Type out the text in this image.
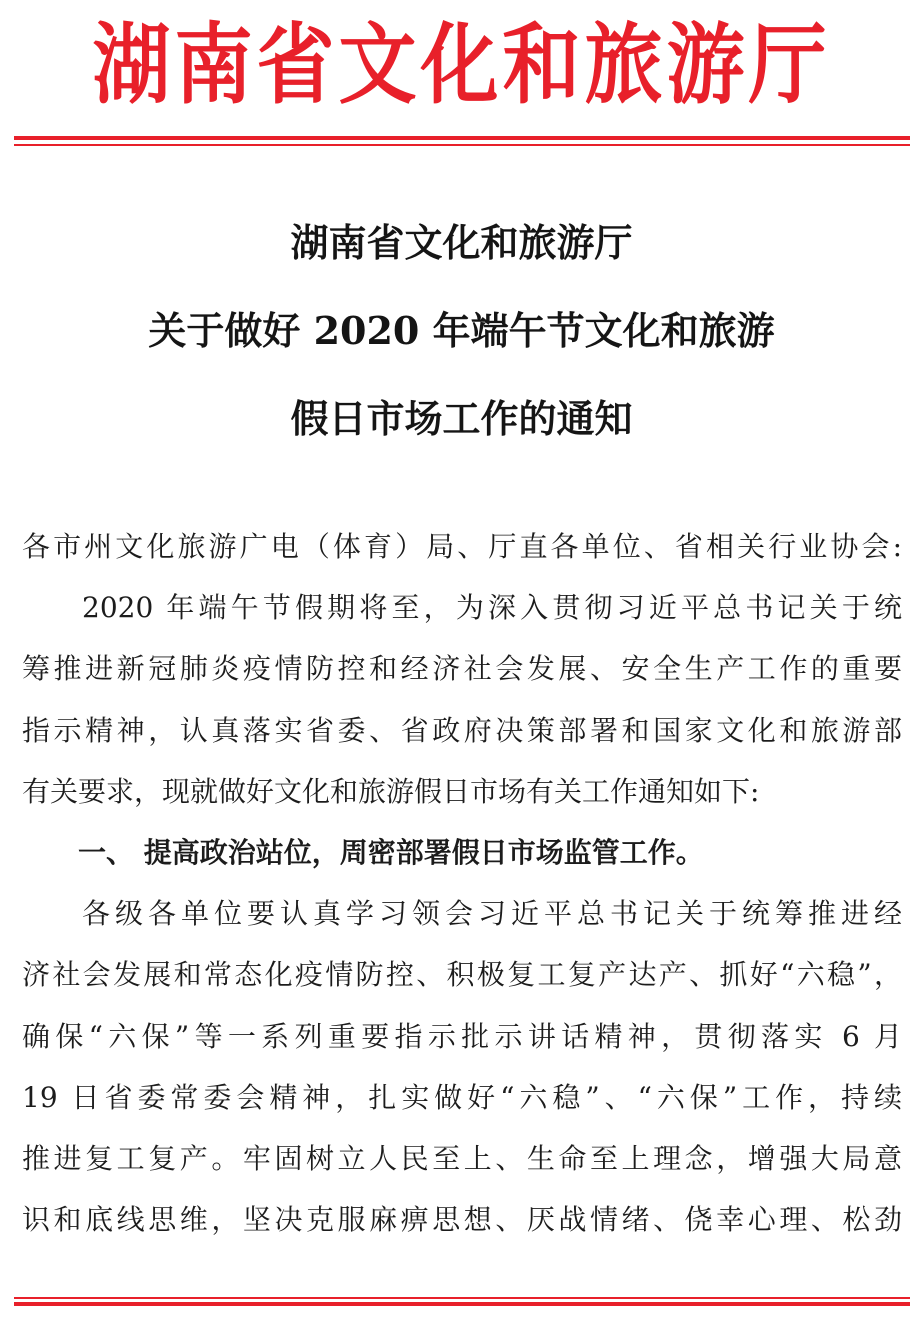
湖南省文化和旅游厅
湖南省文化和旅游厅
关于做好 2020 年端午节文化和旅游
假日市场工作的通知
各市州文化旅游广电（体育）局、厅直各单位、省相关行业协会:
2020 年端午节假期将至，为深入贯彻习近平总书记关于统
筹推进新冠肺炎疫情防控和经济社会发展、安全生产工作的重要
指示精神，认真落实省委、省政府决策部署和国家文化和旅游部
有关要求，现就做好文化和旅游假日市场有关工作通知如下:
一、 提高政治站位，周密部署假日市场监管工作。
各级各单位要认真学习领会习近平总书记关于统筹推进经
济社会发展和常态化疫情防控、积极复工复产达产、抓好“六稳”，
确保“六保”等一系列重要指示批示讲话精神，贯彻落实 6 月
19 日省委常委会精神，扎实做好“六稳”、“六保”工作，持续
推进复工复产。牢固树立人民至上、生命至上理念，增强大局意
识和底线思维，坚决克服麻痹思想、厌战情绪、侥幸心理、松劲
